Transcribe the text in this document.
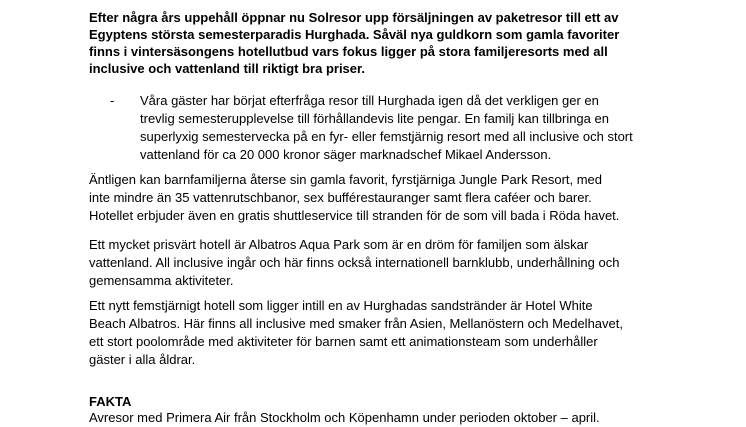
Efter några års uppehåll öppnar nu Solresor upp försäljningen av paketresor till ett av
Egyptens största semesterparadis Hurghada. Såväl nya guldkorn som gamla favoriter
finns i vintersäsongens hotellutbud vars fokus ligger på stora familjeresorts med all
inclusive och vattenland till riktigt bra priser.
- Våra gäster har börjat efterfråga resor till Hurghada igen då det verkligen ger en
trevlig semesterupplevelse till förhållandevis lite pengar. En familj kan tillbringa en
superlyxig semestervecka på en fyr- eller femstjärnig resort med all inclusive och stort
vattenland för ca 20 000 kronor säger marknadschef Mikael Andersson.
Äntligen kan barnfamiljerna återse sin gamla favorit, fyrstjärniga Jungle Park Resort, med
inte mindre än 35 vattenrutschbanor, sex bufférestauranger samt flera caféer och barer.
Hotellet erbjuder även en gratis shuttleservice till stranden för de som vill bada i Röda havet.
Ett mycket prisvärt hotell är Albatros Aqua Park som är en dröm för familjen som älskar
vattenland. All inclusive ingår och här finns också internationell barnklubb, underhållning och
gemensamma aktiviteter.
Ett nytt femstjärnigt hotell som ligger intill en av Hurghadas sandstränder är Hotel White
Beach Albatros. Här finns all inclusive med smaker från Asien, Mellanöstern och Medelhavet,
ett stort poolområde med aktiviteter för barnen samt ett animationsteam som underhåller
gäster i alla åldrar.
FAKTA
Avresor med Primera Air från Stockholm och Köpenhamn under perioden oktober – april.
